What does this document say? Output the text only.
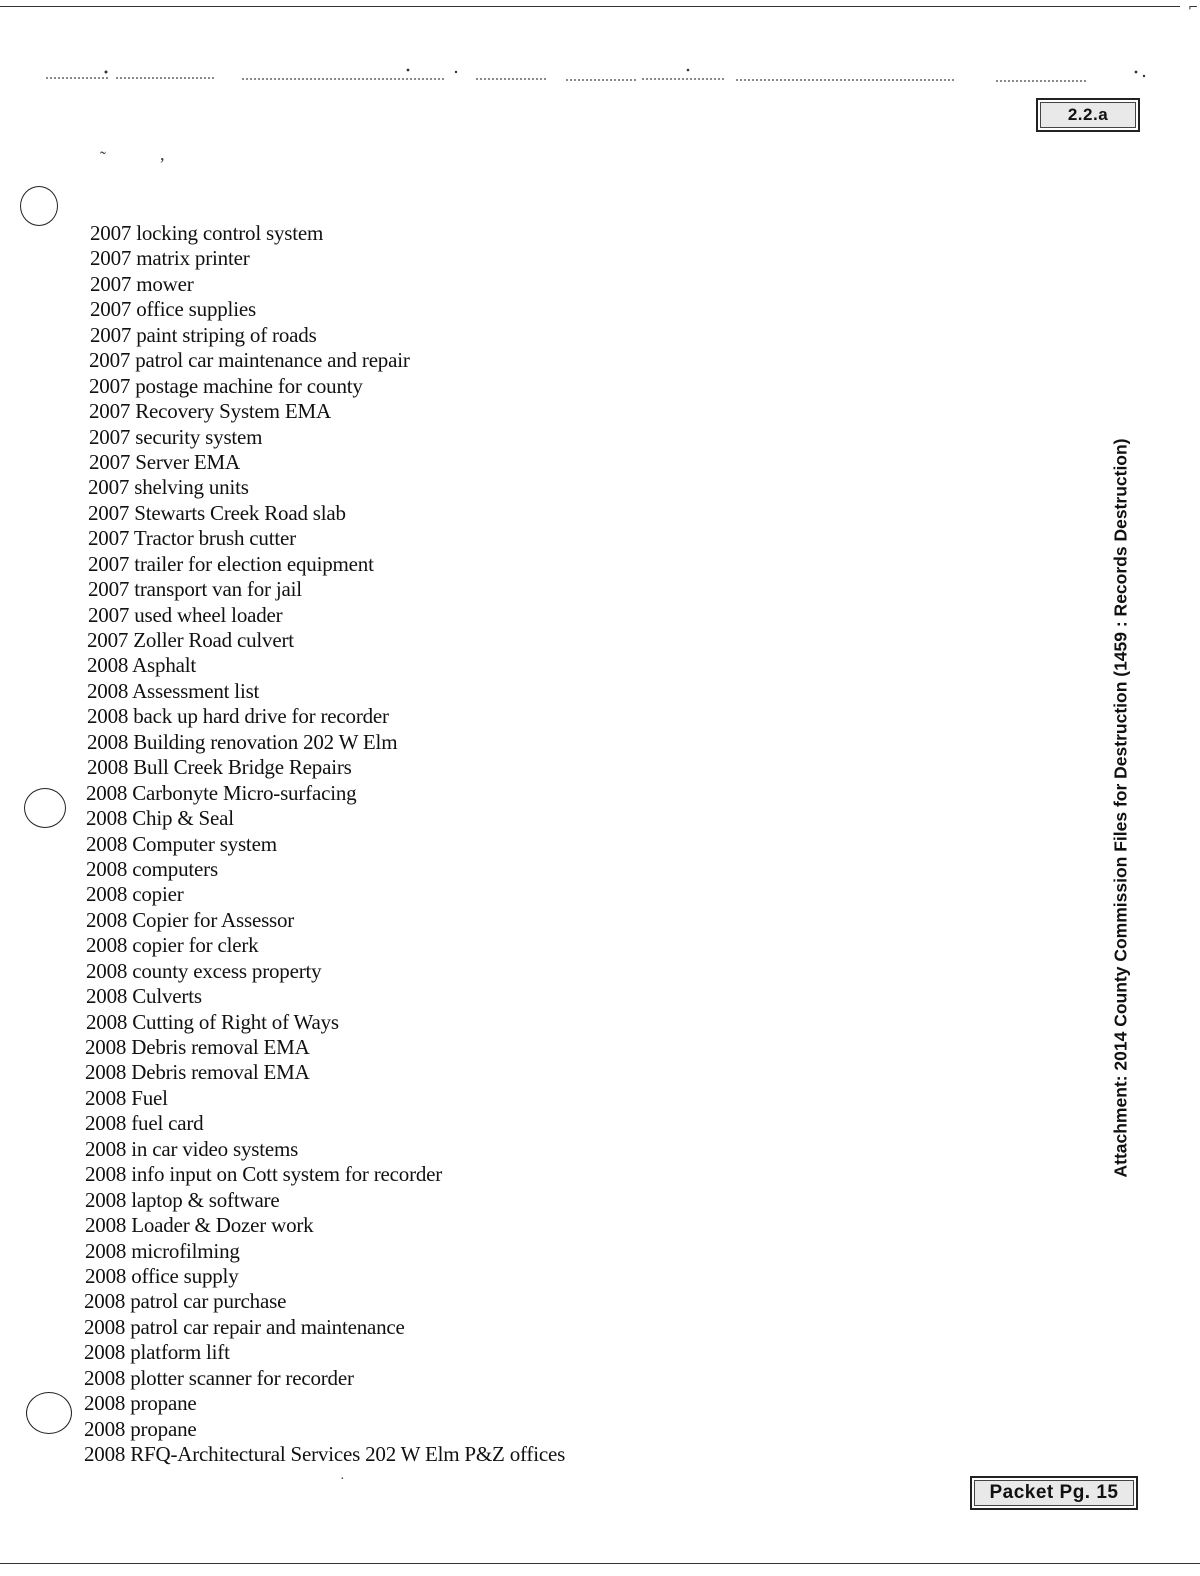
⌐
2.2.a
˜	,
2007 locking control system
2007 matrix printer
2007 mower
2007 office supplies
2007 paint striping of roads
2007 patrol car maintenance and repair
2007 postage machine for county
2007 Recovery System EMA
2007 security system
2007 Server EMA
2007 shelving units
2007 Stewarts Creek Road slab
2007 Tractor brush cutter
2007 trailer for election equipment
2007 transport van for jail
2007 used wheel loader
2007 Zoller Road culvert
2008 Asphalt
2008 Assessment list
2008 back up hard drive for recorder
2008 Building renovation 202 W Elm
2008 Bull Creek Bridge Repairs
2008 Carbonyte Micro-surfacing
2008 Chip & Seal
2008 Computer system
2008 computers
2008 copier
2008 Copier for Assessor
2008 copier for clerk
2008 county excess property
2008 Culverts
2008 Cutting of Right of Ways
2008 Debris removal EMA
2008 Debris removal EMA
2008 Fuel
2008 fuel card
2008 in car video systems
2008 info input on Cott system for recorder
2008 laptop & software
2008 Loader & Dozer work
2008 microfilming
2008 office supply
2008 patrol car purchase
2008 patrol car repair and maintenance
2008 platform lift
2008 plotter scanner for recorder
2008 propane
2008 propane
2008 RFQ-Architectural Services 202 W Elm P&Z offices
·
Attachment: 2014 County Commission Files for Destruction (1459 : Records Destruction)
Packet Pg. 15
